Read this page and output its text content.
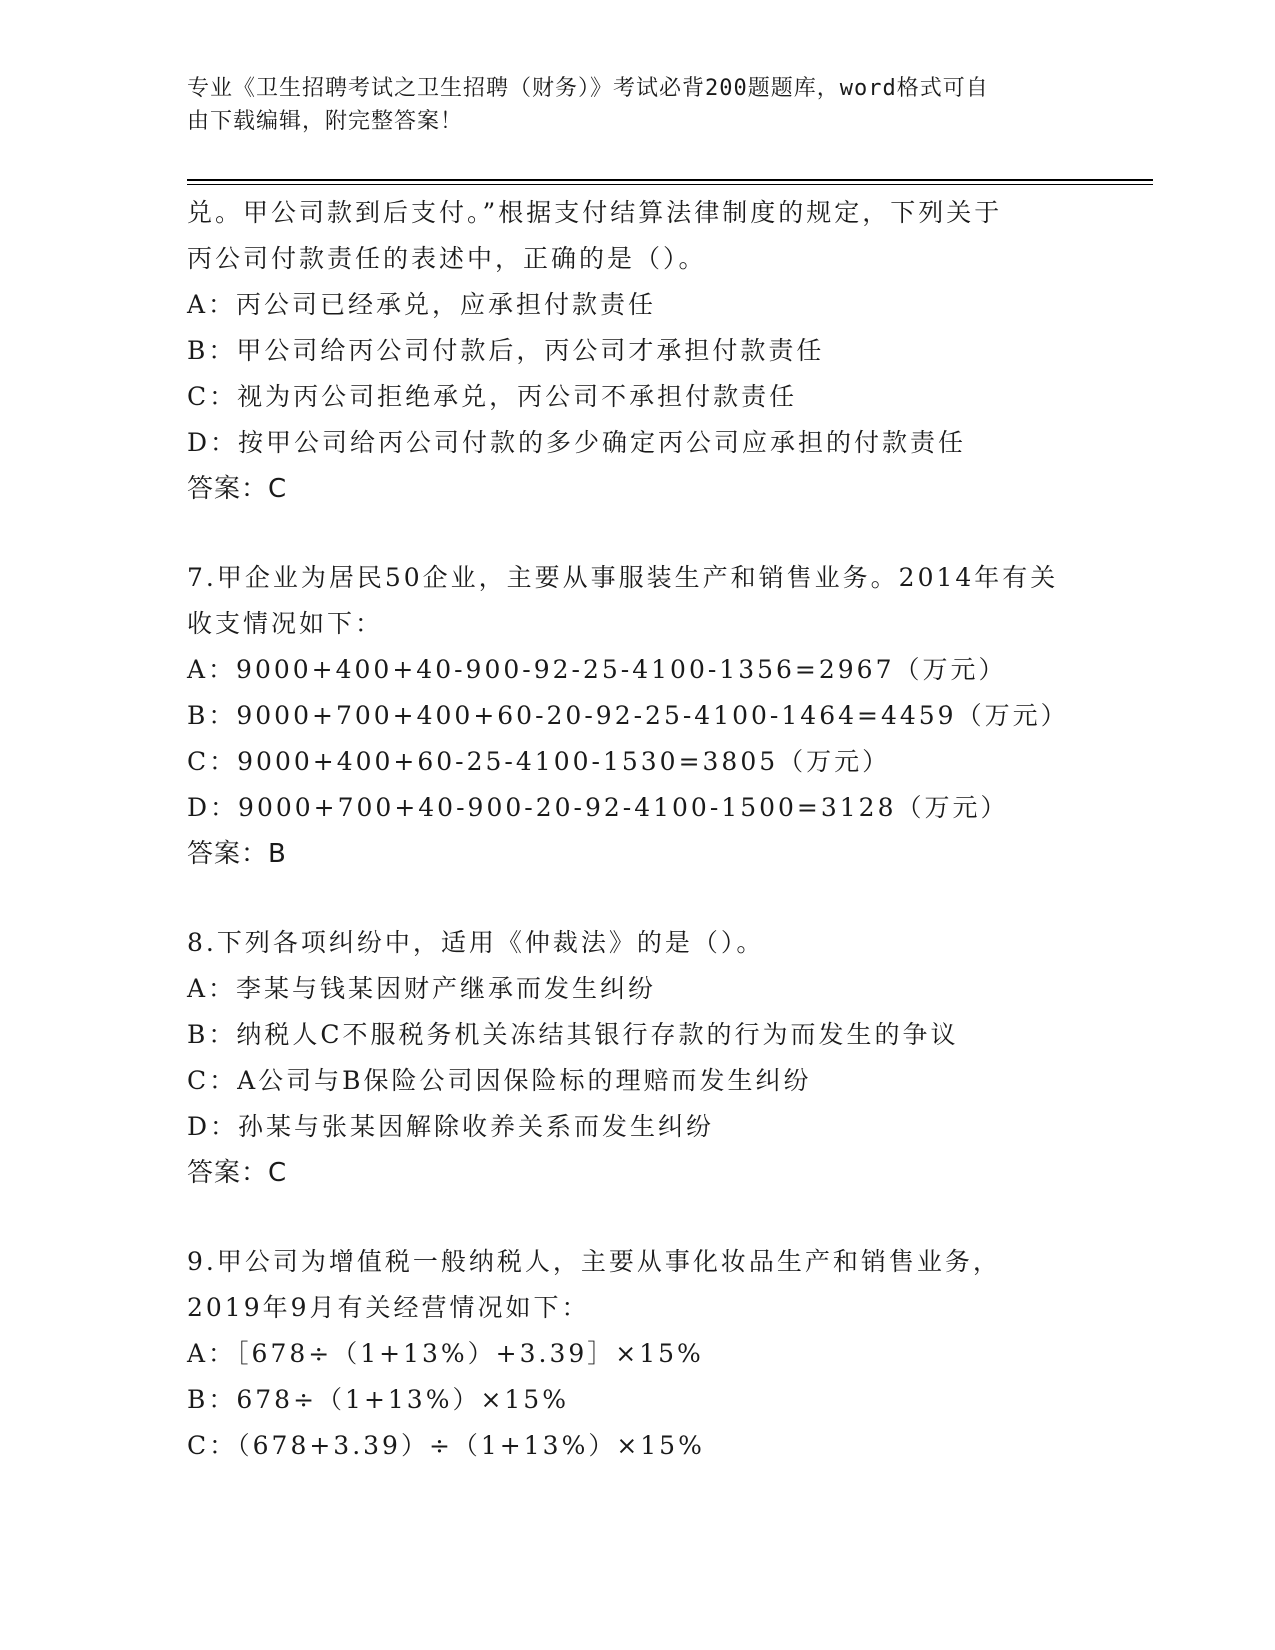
专业《卫生招聘考试之卫生招聘（财务）》考试必背200题题库，word格式可自
由下载编辑，附完整答案！
兑。甲公司款到后支付。”根据支付结算法律制度的规定，下列关于
丙公司付款责任的表述中，正确的是（）。
A：丙公司已经承兑，应承担付款责任
B：甲公司给丙公司付款后，丙公司才承担付款责任
C：视为丙公司拒绝承兑，丙公司不承担付款责任
D：按甲公司给丙公司付款的多少确定丙公司应承担的付款责任
答案：C
7.甲企业为居民50企业，主要从事服装生产和销售业务。2014年有关
收支情况如下：
A：9000+400+40-900-92-25-4100-1356=2967（万元）
B：9000+700+400+60-20-92-25-4100-1464=4459（万元）
C：9000+400+60-25-4100-1530=3805（万元）
D：9000+700+40-900-20-92-4100-1500=3128（万元）
答案：B
8.下列各项纠纷中，适用《仲裁法》的是（）。
A：李某与钱某因财产继承而发生纠纷
B：纳税人C不服税务机关冻结其银行存款的行为而发生的争议
C：A公司与B保险公司因保险标的理赔而发生纠纷
D：孙某与张某因解除收养关系而发生纠纷
答案：C
9.甲公司为增值税一般纳税人，主要从事化妆品生产和销售业务，
2019年9月有关经营情况如下：
A：［678÷（1+13%）+3.39］×15%
B：678÷（1+13%）×15%
C：（678+3.39）÷（1+13%）×15%
